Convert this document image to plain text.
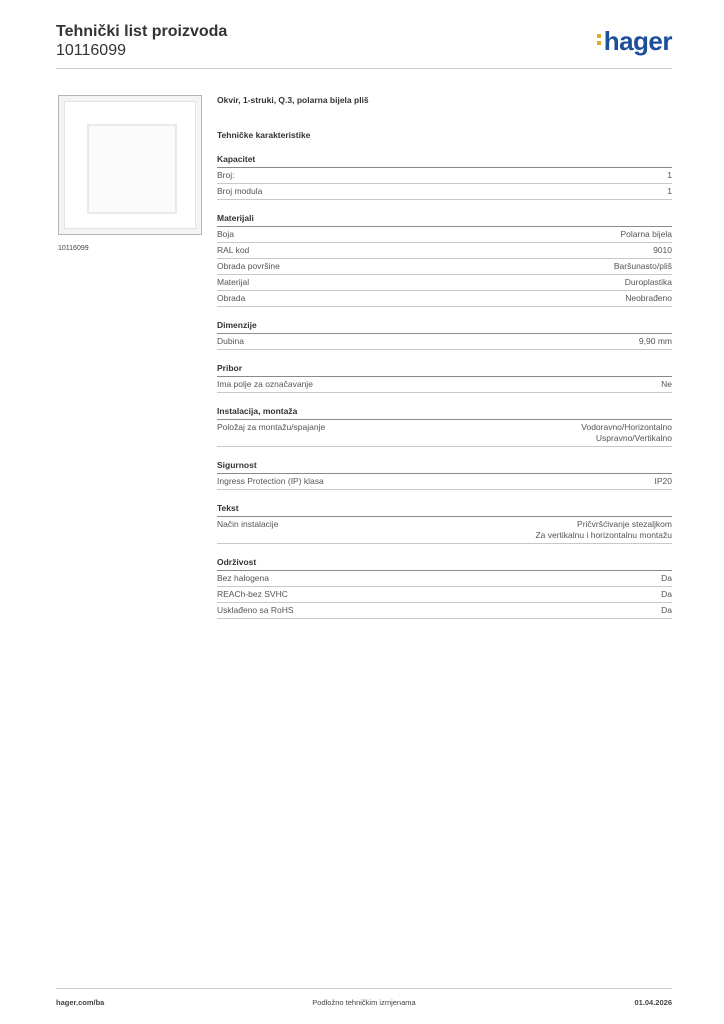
Tehnički list proizvoda
10116099	hager
10116099
Okvir, 1-struki, Q.3, polarna bijela pliš
Tehničke karakteristike
Kapacitet
Broj:	1
Broj modula	1
Materijali
Boja	Polarna bijela
RAL kod	9010
Obrada površine	Baršunasto/pliš
Materijal	Duroplastika
Obrada	Neobrađeno
Dimenzije
Dubina	9,90 mm
Pribor
Ima polje za označavanje	Ne
Instalacija, montaža
Položaj za montažu/spajanje	Vodoravno/Horizontalno
Uspravno/Vertikalno
Sigurnost
Ingress Protection (IP) klasa	IP20
Tekst
Način instalacije	Pričvršćivanje stezaljkom
Za vertikalnu i horizontalnu montažu
Održivost
Bez halogena	Da
REACh-bez SVHC	Da
Usklađeno sa RoHS	Da
hager.com/ba	Podložno tehničkim izmjenama	01.04.2026
